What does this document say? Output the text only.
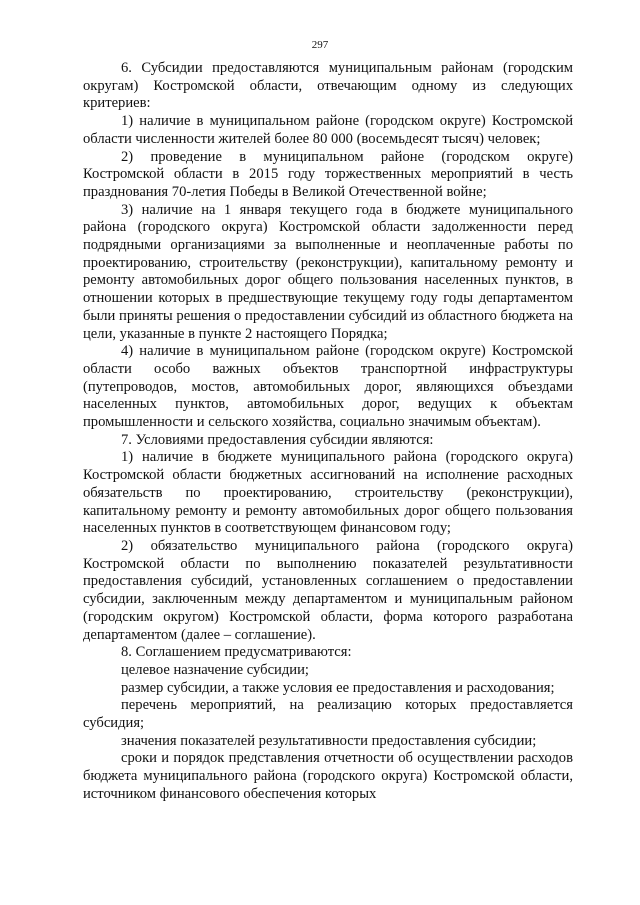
297

6. Субсидии предоставляются муниципальным районам (городским округам) Костромской области, отвечающим одному из следующих критериев:

1) наличие в муниципальном районе (городском округе) Костромской области численности жителей более 80 000 (восемьдесят тысяч) человек;

2) проведение в муниципальном районе (городском округе) Костромской области в 2015 году торжественных мероприятий в честь празднования 70-летия Победы в Великой Отечественной войне;

3) наличие на 1 января текущего года в бюджете муниципального района (городского округа) Костромской области задолженности перед подрядными организациями за выполненные и неоплаченные работы по проектированию, строительству (реконструкции), капитальному ремонту и ремонту автомобильных дорог общего пользования населенных пунктов, в отношении которых в предшествующие текущему году годы департаментом были приняты решения о предоставлении субсидий из областного бюджета на цели, указанные в пункте 2 настоящего Порядка;

4) наличие в муниципальном районе (городском округе) Костромской области особо важных объектов транспортной инфраструктуры (путепроводов, мостов, автомобильных дорог, являющихся объездами населенных пунктов, автомобильных дорог, ведущих к объектам промышленности и сельского хозяйства, социально значимым объектам).

7. Условиями предоставления субсидии являются:

1) наличие в бюджете муниципального района (городского округа) Костромской области бюджетных ассигнований на исполнение расходных обязательств по проектированию, строительству (реконструкции), капитальному ремонту и ремонту автомобильных дорог общего пользования населенных пунктов в соответствующем финансовом году;

2) обязательство муниципального района (городского округа) Костромской области по выполнению показателей результативности предоставления субсидий, установленных соглашением о предоставлении субсидии, заключенным между департаментом и муниципальным районом (городским округом) Костромской области, форма которого разработана департаментом (далее – соглашение).

8. Соглашением предусматриваются:

целевое назначение субсидии;

размер субсидии, а также условия ее предоставления и расходования;

перечень мероприятий, на реализацию которых предоставляется субсидия;

значения показателей результативности предоставления субсидии;

сроки и порядок представления отчетности об осуществлении расходов бюджета муниципального района (городского округа) Костромской области, источником финансового обеспечения которых
